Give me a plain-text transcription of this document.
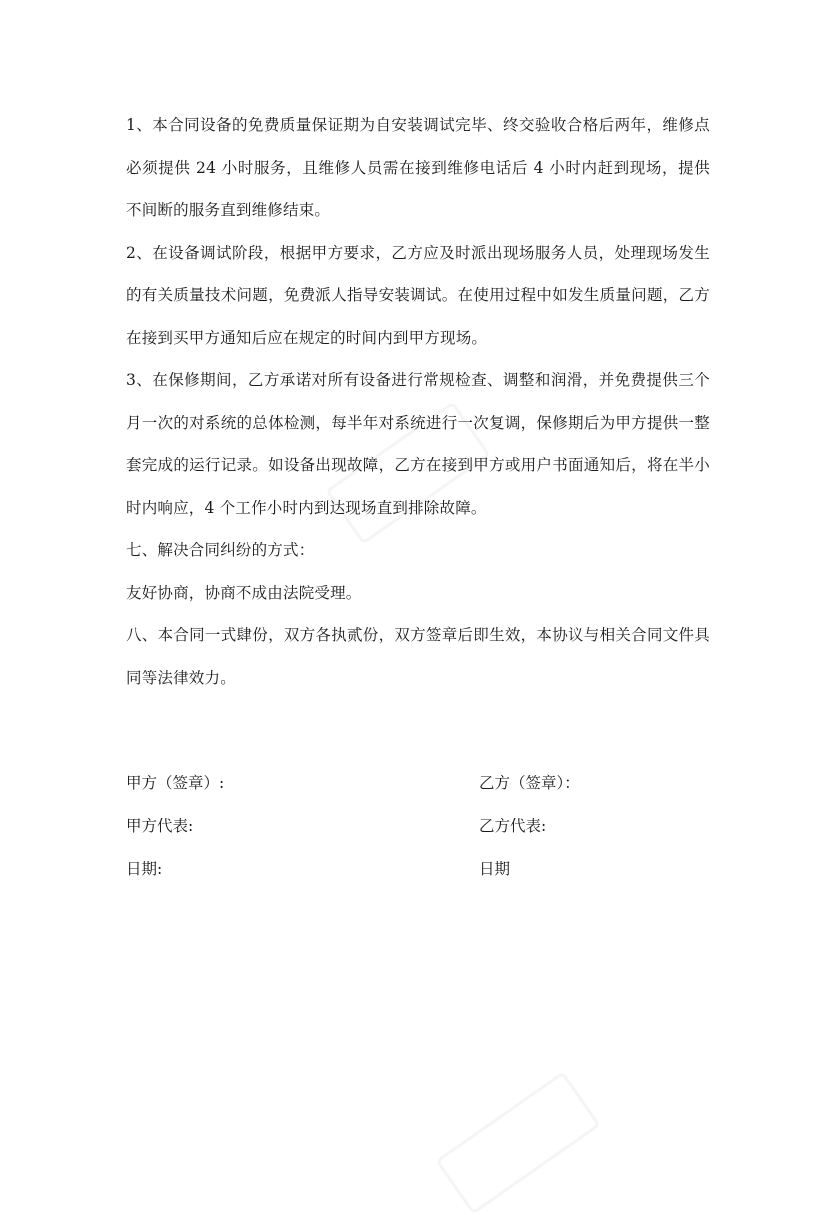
1、本合同设备的免费质量保证期为自安装调试完毕、终交验收合格后两年，维修点必须提供 24 小时服务，且维修人员需在接到维修电话后 4 小时内赶到现场，提供不间断的服务直到维修结束。

2、在设备调试阶段，根据甲方要求，乙方应及时派出现场服务人员，处理现场发生的有关质量技术问题，免费派人指导安装调试。在使用过程中如发生质量问题，乙方在接到买甲方通知后应在规定的时间内到甲方现场。

3、在保修期间，乙方承诺对所有设备进行常规检查、调整和润滑，并免费提供三个月一次的对系统的总体检测，每半年对系统进行一次复调，保修期后为甲方提供一整套完成的运行记录。如设备出现故障，乙方在接到甲方或用户书面通知后，将在半小时内响应，4 个工作小时内到达现场直到排除故障。

七、解决合同纠纷的方式：

友好协商，协商不成由法院受理。

八、本合同一式肆份，双方各执贰份，双方签章后即生效，本协议与相关合同文件具同等法律效力。

甲方（签章）:	乙方（签章）：
甲方代表:	乙方代表:
日期:	日期
